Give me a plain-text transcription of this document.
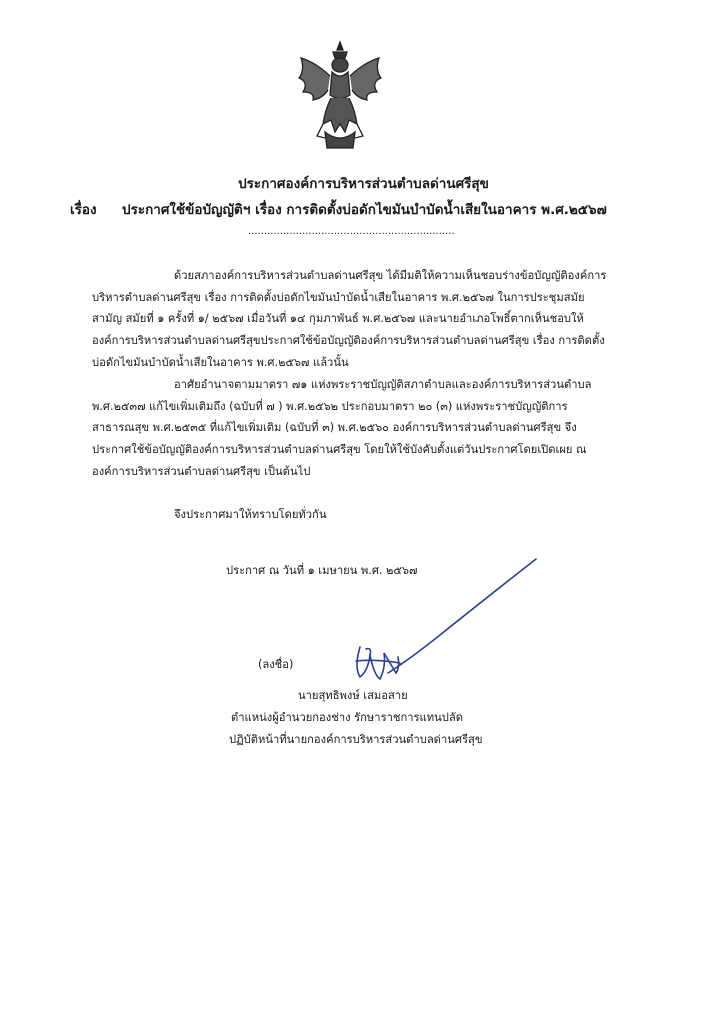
ประกาศองค์การบริหารส่วนตำบลด่านศรีสุข
เรื่อง ประกาศใช้ข้อบัญญัติฯ เรื่อง การติดตั้งบ่อดักไขมันบำบัดน้ำเสียในอาคาร พ.ศ.๒๕๖๗
.................................................................
ด้วยสภาองค์การบริหารส่วนตำบลด่านศรีสุข ได้มีมติให้ความเห็นชอบร่างข้อบัญญัติองค์การ
บริหารตำบลด่านศรีสุข เรื่อง การติดตั้งบ่อดักไขมันบำบัดน้ำเสียในอาคาร พ.ศ.๒๕๖๗ ในการประชุมสมัย
สามัญ สมัยที่ ๑ ครั้งที่ ๑/ ๒๕๖๗ เมื่อวันที่ ๑๔ กุมภาพันธ์ พ.ศ.๒๕๖๗ และนายอำเภอโพธิ์ตากเห็นชอบให้
องค์การบริหารส่วนตำบลด่านศรีสุขประกาศใช้ข้อบัญญัติองค์การบริหารส่วนตำบลด่านศรีสุข เรื่อง การติดตั้ง
บ่อดักไขมันบำบัดน้ำเสียในอาคาร พ.ศ.๒๕๖๗ แล้วนั้น
อาศัยอำนาจตามมาตรา ๗๑ แห่งพระราชบัญญัติสภาตำบลและองค์การบริหารส่วนตำบล
พ.ศ.๒๕๓๗ แก้ไขเพิ่มเติมถึง (ฉบับที่ ๗ ) พ.ศ.๒๕๖๒ ประกอบมาตรา ๒๐ (๓) แห่งพระราชบัญญัติการ
สาธารณสุข พ.ศ.๒๕๓๕ ที่แก้ไขเพิ่มเติม (ฉบับที่ ๓) พ.ศ.๒๕๖๐ องค์การบริหารส่วนตำบลด่านศรีสุข จึง
ประกาศใช้ข้อบัญญัติองค์การบริหารส่วนตำบลด่านศรีสุข โดยให้ใช้บังคับตั้งแต่วันประกาศโดยเปิดเผย ณ
องค์การบริหารส่วนตำบลด่านศรีสุข เป็นต้นไป
จึงประกาศมาให้ทราบโดยทั่วกัน
ประกาศ ณ วันที่ ๑ เมษายน พ.ศ. ๒๕๖๗
(ลงชื่อ)
นายสุทธิพงษ์ เสมอสาย
ตำแหน่งผู้อำนวยกองช่าง รักษาราชการแทนปลัด
ปฏิบัติหน้าที่นายกองค์การบริหารส่วนตำบลด่านศรีสุข
